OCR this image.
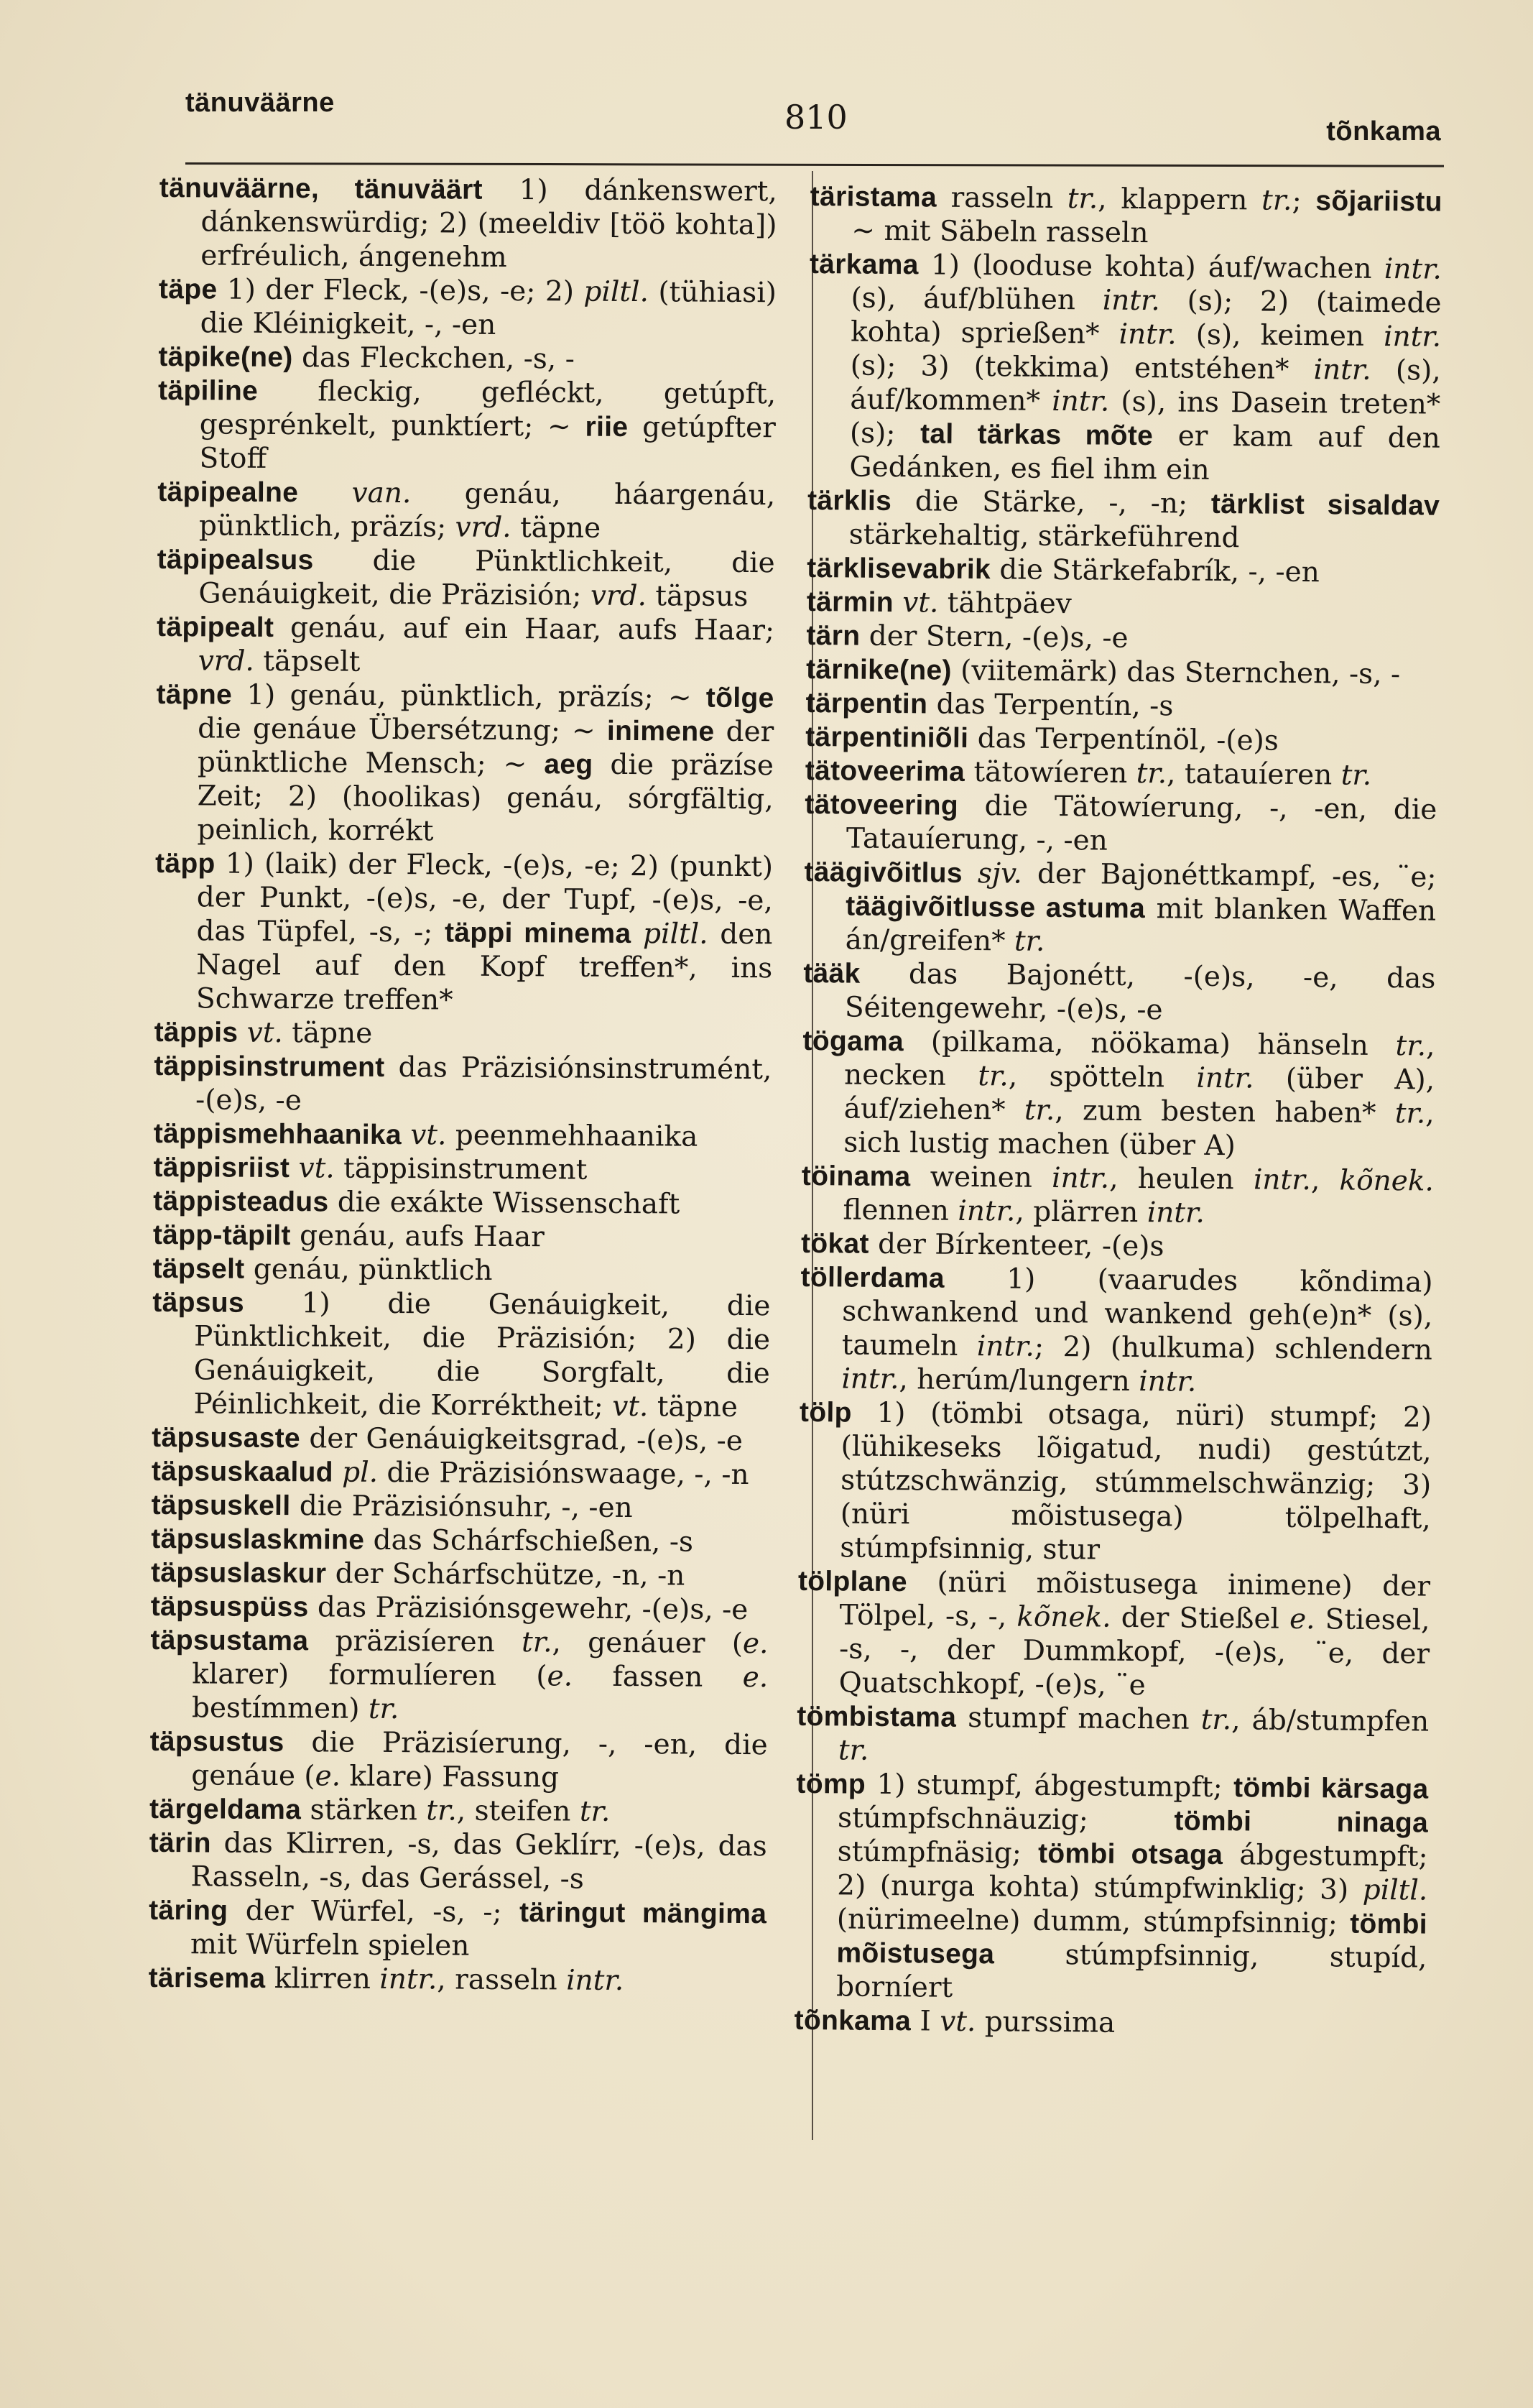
tänuväärne	810	tõnkama

tänuväärne, tänuväärt 1) dánkenswert, dánkenswürdig; 2) (meeldiv [töö kohta]) erfréulich, ángenehm

täpe 1) der Fleck, -(e)s, -e; 2) piltl. (tühiasi) die Kléinigkeit, -, -en

täpike(ne) das Fleckchen, -s, -

täpiline fleckig, gefléckt, getúpft, gesprénkelt, punktíert; ~ riie getúpfter Stoff

täpipealne van. genáu, háargenáu, pünktlich, präzís; vrd. täpne

täpipealsus die Pünktlichkeit, die Genáuigkeit, die Präzisión; vrd. täpsus

täpipealt genáu, auf ein Haar, aufs Haar; vrd. täpselt

täpne 1) genáu, pünktlich, präzís; ~ tõlge die genáue Übersétzung; ~ inimene der pünktliche Mensch; ~ aeg die präzíse Zeit; 2) (hoolikas) genáu, sórgfältig, peinlich, korrékt

täpp 1) (laik) der Fleck, -(e)s, -e; 2) (punkt) der Punkt, -(e)s, -e, der Tupf, -(e)s, -e, das Tüpfel, -s, -; täppi minema piltl. den Nagel auf den Kopf treffen*, ins Schwarze treffen*

täppis vt. täpne

täppisinstrument das Präzisiónsinstrumént, -(e)s, -e

täppismehhaanika vt. peenmehhaanika

täppisriist vt. täppisinstrument

täppisteadus die exákte Wissenschaft

täpp-täpilt genáu, aufs Haar

täpselt genáu, pünktlich

täpsus 1) die Genáuigkeit, die Pünktlichkeit, die Präzisión; 2) die Genáuigkeit, die Sorgfalt, die Péinlichkeit, die Korréktheit; vt. täpne

täpsusaste der Genáuigkeitsgrad, -(e)s, -e

täpsuskaalud pl. die Präzisiónswaage, -, -n

täpsuskell die Präzisiónsuhr, -, -en

täpsuslaskmine das Schárfschießen, -s

täpsuslaskur der Schárfschütze, -n, -n

täpsuspüss das Präzisiónsgewehr, -(e)s, -e

täpsustama präzisíeren tr., genáuer (e. klarer) formulíeren (e. fassen e. bestímmen) tr.

täpsustus die Präzisíerung, -, -en, die genáue (e. klare) Fassung

tärgeldama stärken tr., steifen tr.

tärin das Klirren, -s, das Geklírr, -(e)s, das Rasseln, -s, das Gerássel, -s

täring der Würfel, -s, -; täringut mängima mit Würfeln spielen

tärisema klirren intr., rasseln intr.

täristama rasseln tr., klappern tr.; sõjariistu ~ mit Säbeln rasseln

tärkama 1) (looduse kohta) áuf/wachen intr. (s), áuf/blühen intr. (s); 2) (taimede kohta) sprießen* intr. (s), keimen intr. (s); 3) (tekkima) entstéhen* intr. (s), áuf/kommen* intr. (s), ins Dasein treten* (s); tal tärkas mõte er kam auf den Gedánken, es fiel ihm ein

tärklis die Stärke, -, -n; tärklist sisaldav stärkehaltig, stärkeführend

tärklisevabrik die Stärkefabrík, -, -en

tärmin vt. tähtpäev

tärn der Stern, -(e)s, -e

tärnike(ne) (viitemärk) das Sternchen, -s, -

tärpentin das Terpentín, -s

tärpentiniõli das Terpentínöl, -(e)s

tätoveerima tätowíeren tr., tatauíeren tr.

tätoveering die Tätowíerung, -, -en, die Tatauíerung, -, -en

täägivõitlus sjv. der Bajonéttkampf, -es, ¨e; täägivõitlusse astuma mit blanken Waffen án/greifen* tr.

tääk das Bajonétt, -(e)s, -e, das Séitengewehr, -(e)s, -e

tögama (pilkama, nöökama) hänseln tr., necken tr., spötteln intr. (über A), áuf/ziehen* tr., zum besten haben* tr., sich lustig machen (über A)

töinama weinen intr., heulen intr., kõnek. flennen intr., plärren intr.

tökat der Bírkenteer, -(e)s

töllerdama 1) (vaarudes kõndima) schwankend und wankend geh(e)n* (s), taumeln intr.; 2) (hulkuma) schlendern intr., herúm/lungern intr.

tölp 1) (tömbi otsaga, nüri) stumpf; 2) (lühikeseks lõigatud, nudi) gestútzt, stútzschwänzig, stúmmelschwänzig; 3) (nüri mõistusega) tölpelhaft, stúmpfsinnig, stur

tölplane (nüri mõistusega inimene) der Tölpel, -s, -, kõnek. der Stießel e. Stiesel, -s, -, der Dummkopf, -(e)s, ¨e, der Quatschkopf, -(e)s, ¨e

tömbistama stumpf machen tr., áb/stumpfen tr.

tömp 1) stumpf, ábgestumpft; tömbi kärsaga stúmpfschnäuzig; tömbi ninaga stúmpfnäsig; tömbi otsaga ábgestumpft; 2) (nurga kohta) stúmpfwinklig; 3) piltl. (nürimeelne) dumm, stúmpfsinnig; tömbi mõistusega stúmpfsinnig, stupíd, borníert

tõnkama I vt. purssima
